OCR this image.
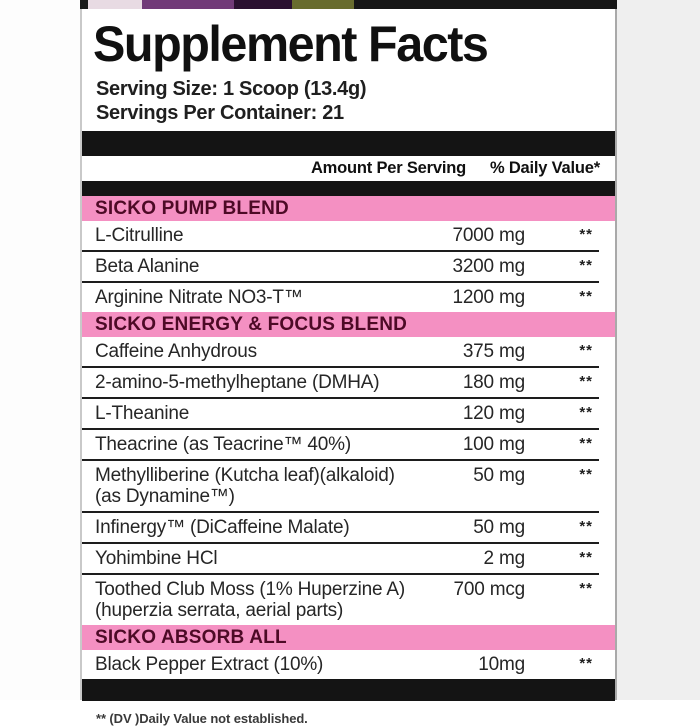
Supplement Facts
Serving Size: 1 Scoop (13.4g)
Servings Per Container: 21
Amount Per Serving % Daily Value*
SICKO PUMP BLEND
L-Citrulline	7000 mg	**
Beta Alanine	3200 mg	**
Arginine Nitrate NO3-T™	1200 mg	**
SICKO ENERGY & FOCUS BLEND
Caffeine Anhydrous	375 mg	**
2-amino-5-methylheptane (DMHA)	180 mg	**
L-Theanine	120 mg	**
Theacrine (as Teacrine™ 40%)	100 mg	**
Methylliberine (Kutcha leaf)(alkaloid)
(as Dynamine™)
50 mg	**
Infinergy™ (DiCaffeine Malate)	50 mg	**
Yohimbine HCl	2 mg	**
Toothed Club Moss (1% Huperzine A)
(huperzia serrata, aerial parts)
700 mcg	**
SICKO ABSORB ALL
Black Pepper Extract (10%)	10mg	**
** (DV )Daily Value not established.
